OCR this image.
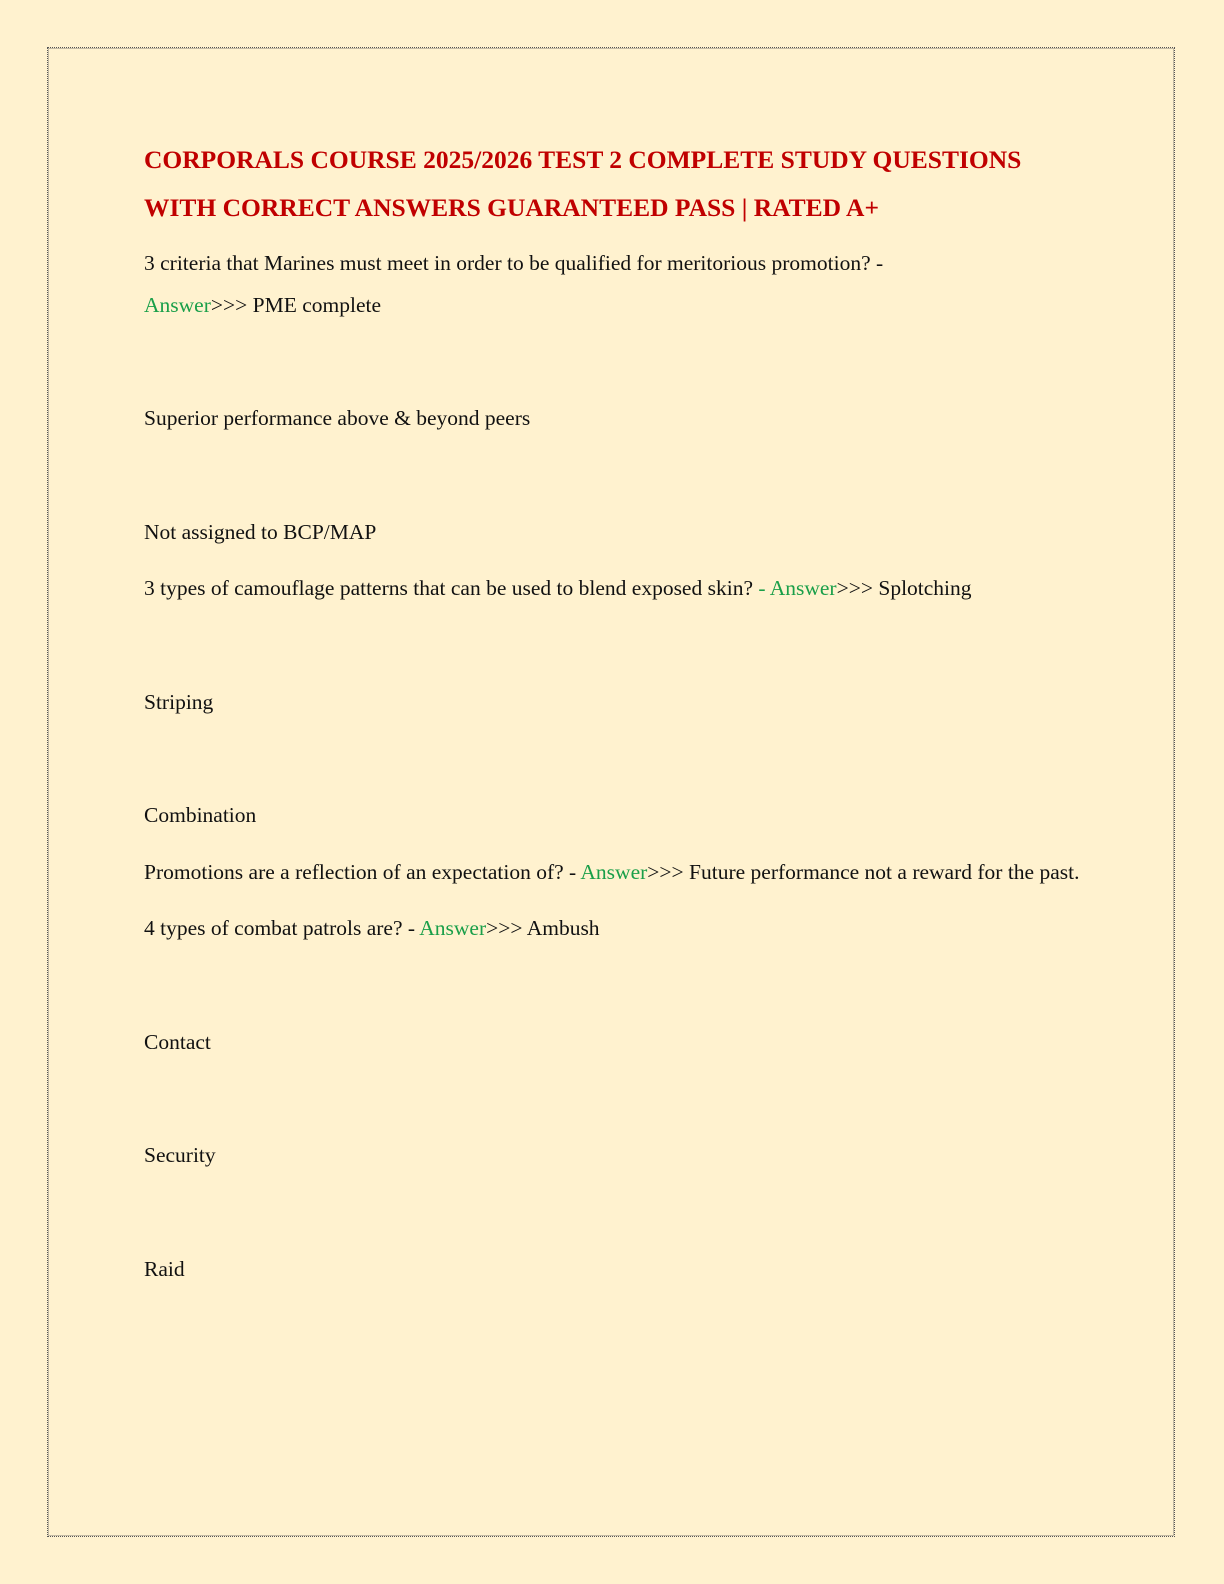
CORPORALS COURSE 2025/2026 TEST 2 COMPLETE STUDY QUESTIONS WITH CORRECT ANSWERS GUARANTEED PASS | RATED A+

3 criteria that Marines must meet in order to be qualified for meritorious promotion? -
Answer>>> PME complete

Superior performance above & beyond peers

Not assigned to BCP/MAP

3 types of camouflage patterns that can be used to blend exposed skin? - Answer>>> Splotching

Striping

Combination

Promotions are a reflection of an expectation of? - Answer>>> Future performance not a reward for the past.

4 types of combat patrols are? - Answer>>> Ambush

Contact

Security

Raid
